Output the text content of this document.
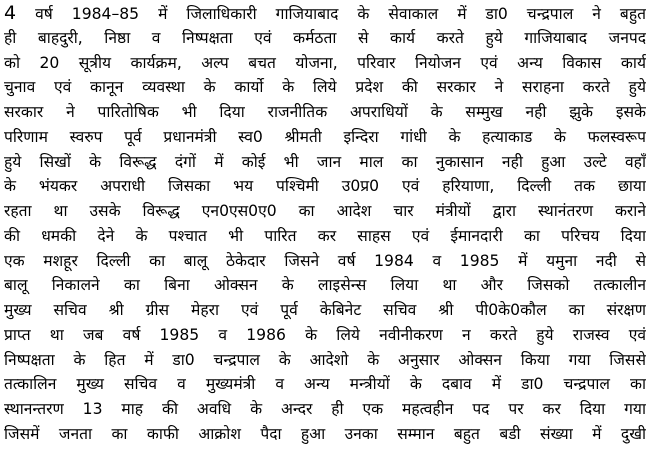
4 वर्ष 1984–85 में जिलाधिकारी गाजियाबाद के सेवाकाल में डा0 चन्द्रपाल ने बहुत
ही बाहदुरी, निष्ठा व निष्पक्षता एवं कर्मठता से कार्य करते हुये गाजियाबाद जनपद
को 20 सूत्रीय कार्यक्रम, अल्प बचत योजना, परिवार नियोजन एवं अन्य विकास कार्य
चुनाव एवं कानून व्यवस्था के कार्यो के लिये प्रदेश की सरकार ने सराहना करते हुये
सरकार ने पारितोषिक भी दिया राजनीतिक अपराधियों के सम्मुख नही झुके इसके
परिणाम स्वरुप पूर्व प्रधानमंत्री स्व0 श्रीमती इन्दिरा गांधी के हत्याकाड के फलस्वरूप
हुये सिखों के विरूद्ध दंगों में कोई भी जान माल का नुकासान नही हुआ उल्टे वहाँ
के भंयकर अपराधी जिसका भय पश्चिमी उ0प्र0 एवं हरियाणा, दिल्ली तक छाया
रहता था उसके विरूद्ध एन0एस0ए0 का आदेश चार मंत्रीयों द्वारा स्थानंतरण कराने
की धमकी देने के पश्चात भी पारित कर साहस एवं ईमानदारी का परिचय दिया
एक मशहूर दिल्ली का बालू ठेकेदार जिसने वर्ष 1984 व 1985 में यमुना नदी से
बालू निकालने का बिना ओक्सन के लाइसेन्स लिया था और जिसको तत्कालीन
मुख्य सचिव श्री ग्रीस मेहरा एवं पूर्व केबिनेट सचिव श्री पी0के0कौल का संरक्षण
प्राप्त था जब वर्ष 1985 व 1986 के लिये नवीनीकरण न करते हुये राजस्व एवं
निष्पक्षता के हित में डा0 चन्द्रपाल के आदेशो के अनुसार ओक्सन किया गया जिससे
तत्कालिन मुख्य सचिव व मुख्यमंत्री व अन्य मन्त्रीयों के दबाव में डा0 चन्द्रपाल का
स्थानन्तरण 13 माह की अवधि के अन्दर ही एक महत्वहीन पद पर कर दिया गया
जिसमें जनता का काफी आक्रोश पैदा हुआ उनका सम्मान बहुत बडी संख्या में दुखी
